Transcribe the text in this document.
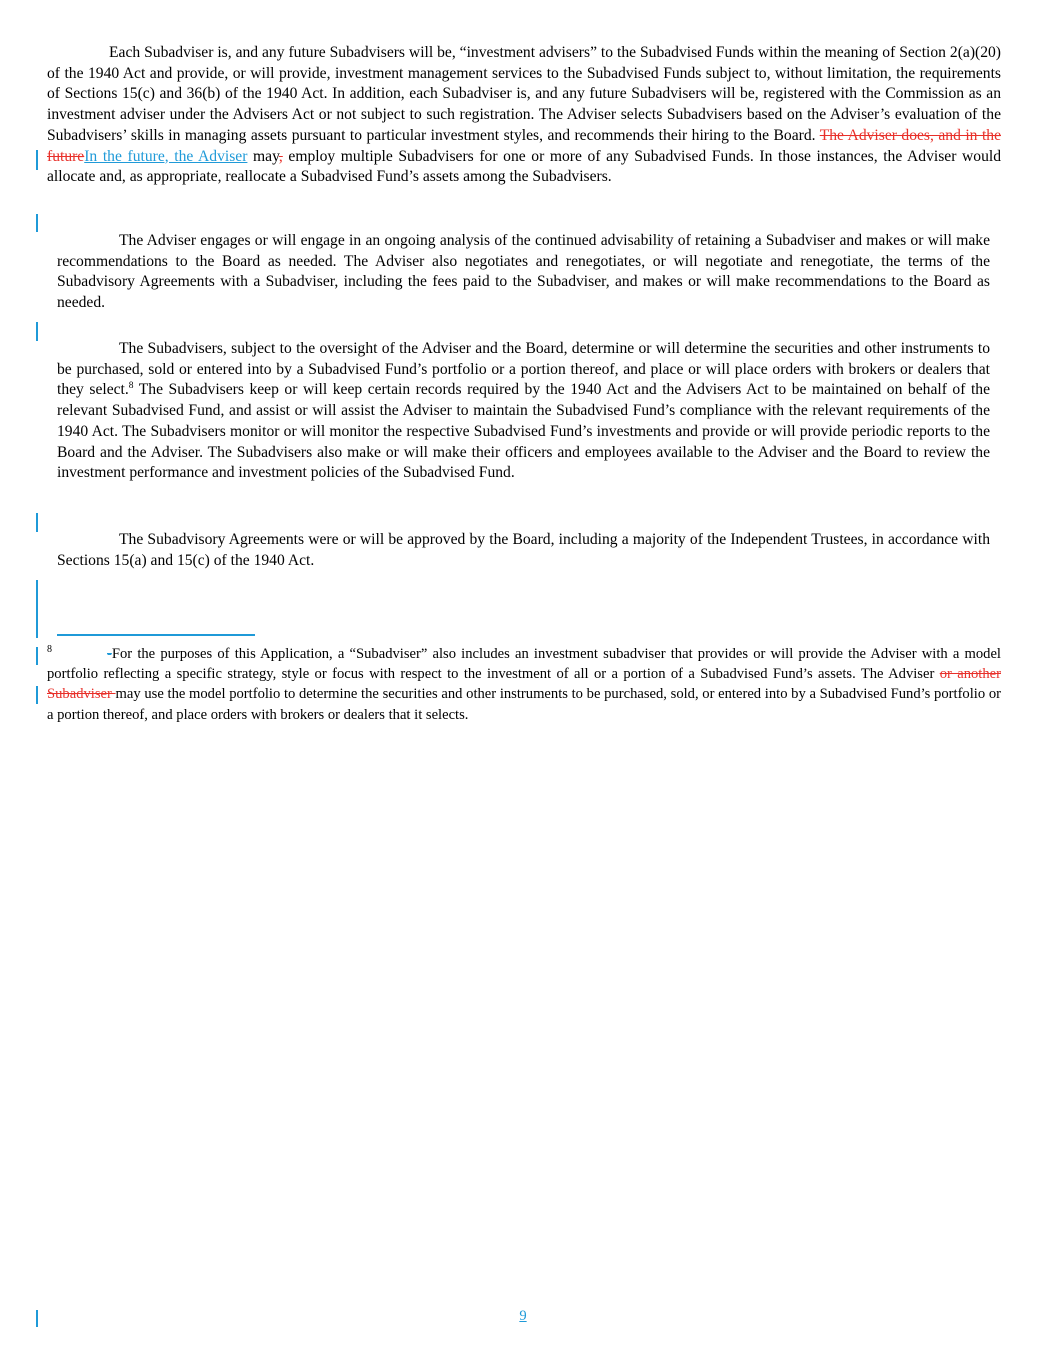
Each Subadviser is, and any future Subadvisers will be, “investment advisers” to the Subadvised Funds within the meaning of Section 2(a)(20) of the 1940 Act and provide, or will provide, investment management services to the Subadvised Funds subject to, without limitation, the requirements of Sections 15(c) and 36(b) of the 1940 Act. In addition, each Subadviser is, and any future Subadvisers will be, registered with the Commission as an investment adviser under the Advisers Act or not subject to such registration. The Adviser selects Subadvisers based on the Adviser’s evaluation of the Subadvisers’ skills in managing assets pursuant to particular investment styles, and recommends their hiring to the Board. The Adviser does, and in the futureIn the future, the Adviser may, employ multiple Subadvisers for one or more of any Subadvised Funds. In those instances, the Adviser would allocate and, as appropriate, reallocate a Subadvised Fund’s assets among the Subadvisers.

The Adviser engages or will engage in an ongoing analysis of the continued advisability of retaining a Subadviser and makes or will make recommendations to the Board as needed. The Adviser also negotiates and renegotiates, or will negotiate and renegotiate, the terms of the Subadvisory Agreements with a Subadviser, including the fees paid to the Subadviser, and makes or will make recommendations to the Board as needed.

The Subadvisers, subject to the oversight of the Adviser and the Board, determine or will determine the securities and other instruments to be purchased, sold or entered into by a Subadvised Fund’s portfolio or a portion thereof, and place or will place orders with brokers or dealers that they select.$^8$ The Subadvisers keep or will keep certain records required by the 1940 Act and the Advisers Act to be maintained on behalf of the relevant Subadvised Fund, and assist or will assist the Adviser to maintain the Subadvised Fund’s compliance with the relevant requirements of the 1940 Act. The Subadvisers monitor or will monitor the respective Subadvised Fund’s investments and provide or will provide periodic reports to the Board and the Adviser. The Subadvisers also make or will make their officers and employees available to the Adviser and the Board to review the investment performance and investment policies of the Subadvised Fund.

The Subadvisory Agreements were or will be approved by the Board, including a majority of the Independent Trustees, in accordance with Sections 15(a) and 15(c) of the 1940 Act.

8	-For the purposes of this Application, a “Subadviser” also includes an investment subadviser that provides or will provide the Adviser with a model portfolio reflecting a specific strategy, style or focus with respect to the investment of all or a portion of a Subadvised Fund’s assets. The Adviser or another Subadviser may use the model portfolio to determine the securities and other instruments to be purchased, sold, or entered into by a Subadvised Fund’s portfolio or a portion thereof, and place orders with brokers or dealers that it selects.

9
